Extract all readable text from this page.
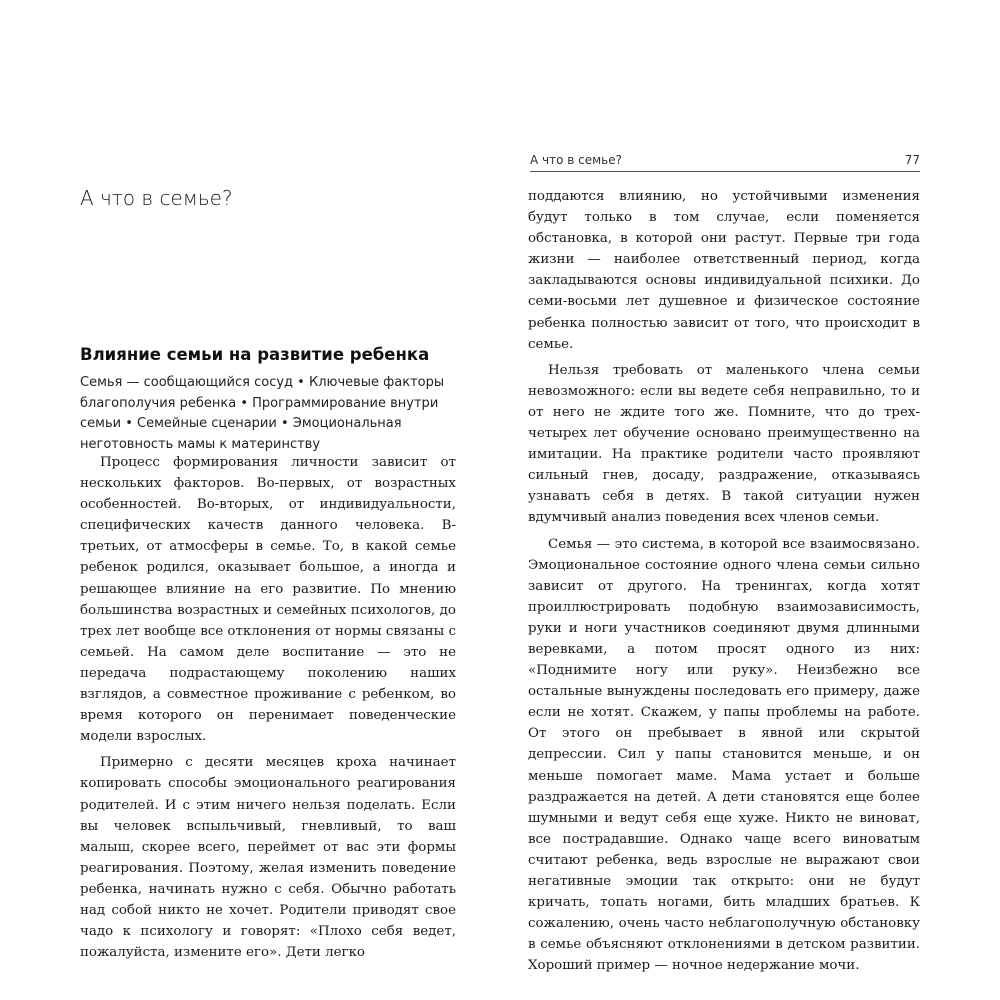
А что в семье?
Влияние семьи на развитие ребенка
Семья — сообщающийся сосуд • Ключевые факторы благополучия ребенка • Программирование внутри семьи • Семейные сценарии • Эмоциональная неготовность мамы к материнству

Процесс формирования личности зависит от нескольких факторов. Во-первых, от возрастных особенностей. Во-вторых, от индивидуальности, специфических качеств данного человека. В-третьих, от атмосферы в семье. То, в какой семье ребенок родился, оказывает большое, а иногда и решающее влияние на его развитие. По мнению большинства возрастных и семейных психологов, до трех лет вообще все отклонения от нормы связаны с семьей. На самом деле воспитание — это не передача подрастающему поколению наших взглядов, а совместное проживание с ребенком, во время которого он перенимает поведенческие модели взрослых.

Примерно с десяти месяцев кроха начинает копировать способы эмоционального реагирования родителей. И с этим ничего нельзя поделать. Если вы человек вспыльчивый, гневливый, то ваш малыш, скорее всего, переймет от вас эти формы реагирования. Поэтому, желая изменить поведение ребенка, начинать нужно с себя. Обычно работать над собой никто не хочет. Родители приводят свое чадо к психологу и говорят: «Плохо себя ведет, пожалуйста, измените его». Дети легко

А что в семье?	77

поддаются влиянию, но устойчивыми изменения будут только в том случае, если поменяется обстановка, в которой они растут. Первые три года жизни — наиболее ответственный период, когда закладываются основы индивидуальной психики. До семи-восьми лет душевное и физическое состояние ребенка полностью зависит от того, что происходит в семье.

Нельзя требовать от маленького члена семьи невозможного: если вы ведете себя неправильно, то и от него не ждите того же. Помните, что до трех-четырех лет обучение основано преимущественно на имитации. На практике родители часто проявляют сильный гнев, досаду, раздражение, отказываясь узнавать себя в детях. В такой ситуации нужен вдумчивый анализ поведения всех членов семьи.

Семья — это система, в которой все взаимосвязано. Эмоциональное состояние одного члена семьи сильно зависит от другого. На тренингах, когда хотят проиллюстрировать подобную взаимозависимость, руки и ноги участников соединяют двумя длинными веревками, а потом просят одного из них: «Поднимите ногу или руку». Неизбежно все остальные вынуждены последовать его примеру, даже если не хотят. Скажем, у папы проблемы на работе. От этого он пребывает в явной или скрытой депрессии. Сил у папы становится меньше, и он меньше помогает маме. Мама устает и больше раздражается на детей. А дети становятся еще более шумными и ведут себя еще хуже. Никто не виноват, все пострадавшие. Однако чаще всего виноватым считают ребенка, ведь взрослые не выражают свои негативные эмоции так открыто: они не будут кричать, топать ногами, бить младших братьев. К сожалению, очень часто неблагополучную обстановку в семье объясняют отклонениями в детском развитии. Хороший пример — ночное недержание мочи.
